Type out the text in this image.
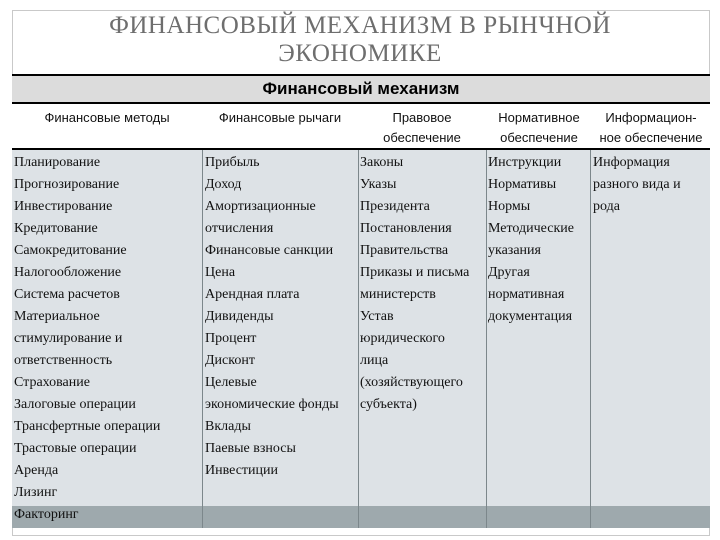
ФИНАНСОВЫЙ МЕХАНИЗМ В РЫНЧНОЙ
ЭКОНОМИКЕ
Финансовый механизм
Финансовые методы	Финансовые рычаги	Правовое
обеспечение
Нормативное
обеспечение
Информацион-
ное обеспечение
Планирование
Прогнозирование
Инвестирование
Кредитование
Самокредитование
Налогообложение
Система расчетов
Материальное
стимулирование и
ответственность
Страхование
Залоговые операции
Трансфертные операции
Трастовые операции
Аренда
Лизинг
Факторинг
Прибыль
Доход
Амортизационные
отчисления
Финансовые санкции
Цена
Арендная плата
Дивиденды
Процент
Дисконт
Целевые
экономические фонды
Вклады
Паевые взносы
Инвестиции
Законы
Указы
Президента
Постановления
Правительства
Приказы и письма
министерств
Устав
юридического
лица
(хозяйствующего
субъекта)
Инструкции
Нормативы
Нормы
Методические
указания
Другая
нормативная
документация
Информация
разного вида и
рода
